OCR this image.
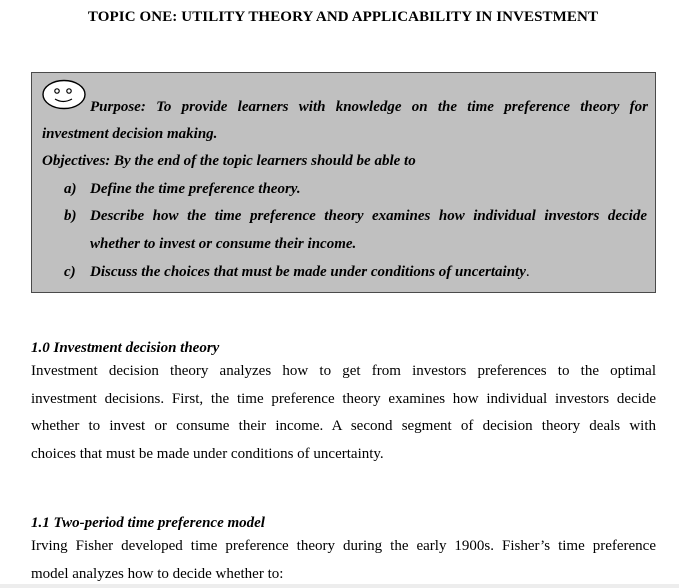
TOPIC ONE: UTILITY THEORY AND APPLICABILITY IN INVESTMENT
Purpose: To provide learners with knowledge on the time preference theory for
investment decision making.
Objectives: By the end of the topic learners should be able to
a) Define the time preference theory.
b) Describe how the time preference theory examines how individual investors decide
whether to invest or consume their income.
c) Discuss the choices that must be made under conditions of uncertainty.
1.0 Investment decision theory
Investment decision theory analyzes how to get from investors preferences to the optimal
investment decisions. First, the time preference theory examines how individual investors decide
whether to invest or consume their income. A second segment of decision theory deals with
choices that must be made under conditions of uncertainty.
1.1 Two-period time preference model
Irving Fisher developed time preference theory during the early 1900s. Fisher’s time preference
model analyzes how to decide whether to:
